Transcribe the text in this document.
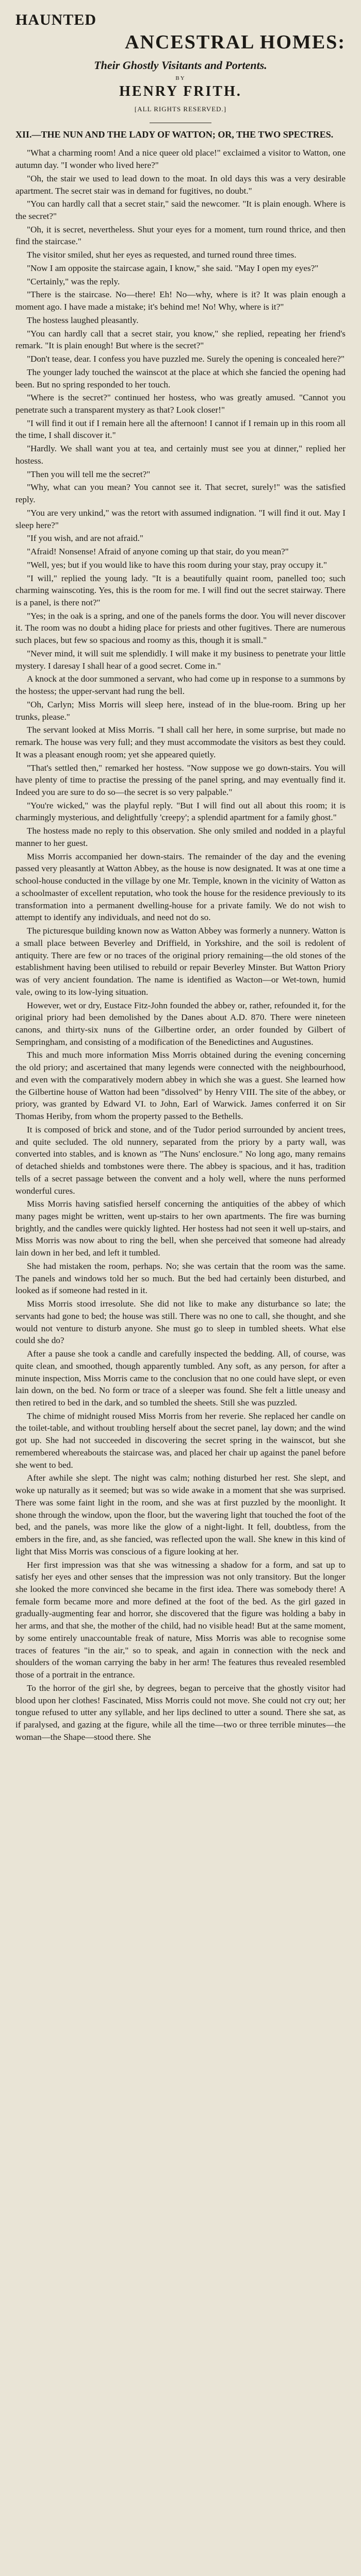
HAUNTED
ANCESTRAL HOMES:
Their Ghostly Visitants and Portents.
BY
HENRY FRITH.
[ALL RIGHTS RESERVED.]
XII.—THE NUN AND THE LADY OF WATTON; OR, THE TWO SPECTRES.

"What a charming room! And a nice queer old place!" exclaimed a visitor to Watton, one autumn day. "I wonder who lived here?"

"Oh, the stair we used to lead down to the moat. In old days this was a very desirable apartment. The secret stair was in demand for fugitives, no doubt."

"You can hardly call that a secret stair," said the newcomer. "It is plain enough. Where is the secret?"

"Oh, it is secret, nevertheless. Shut your eyes for a moment, turn round thrice, and then find the staircase."

The visitor smiled, shut her eyes as requested, and turned round three times.

"Now I am opposite the staircase again, I know," she said. "May I open my eyes?"

"Certainly," was the reply.

"There is the staircase. No—there! Eh! No—why, where is it? It was plain enough a moment ago. I have made a mistake; it's behind me! No! Why, where is it?"

The hostess laughed pleasantly.

"You can hardly call that a secret stair, you know," she replied, repeating her friend's remark. "It is plain enough! But where is the secret?"

"Don't tease, dear. I confess you have puzzled me. Surely the opening is concealed here?"

The younger lady touched the wainscot at the place at which she fancied the opening had been. But no spring responded to her touch.

"Where is the secret?" continued her hostess, who was greatly amused. "Cannot you penetrate such a transparent mystery as that? Look closer!"

"I will find it out if I remain here all the afternoon! I cannot if I remain up in this room all the time, I shall discover it."

"Hardly. We shall want you at tea, and certainly must see you at dinner," replied her hostess.

"Then you will tell me the secret?"

"Why, what can you mean? You cannot see it. That secret, surely!" was the satisfied reply.

"You are very unkind," was the retort with assumed indignation. "I will find it out. May I sleep here?"

"If you wish, and are not afraid."

"Afraid! Nonsense! Afraid of anyone coming up that stair, do you mean?"

"Well, yes; but if you would like to have this room during your stay, pray occupy it."

"I will," replied the young lady. "It is a beautifully quaint room, panelled too; such charming wainscoting. Yes, this is the room for me. I will find out the secret stairway. There is a panel, is there not?"

"Yes; in the oak is a spring, and one of the panels forms the door. You will never discover it. The room was no doubt a hiding place for priests and other fugitives. There are numerous such places, but few so spacious and roomy as this, though it is small."

"Never mind, it will suit me splendidly. I will make it my business to penetrate your little mystery. I daresay I shall hear of a good secret. Come in."

A knock at the door summoned a servant, who had come up in response to a summons by the hostess; the upper-servant had rung the bell.

"Oh, Carlyn; Miss Morris will sleep here, instead of in the blue-room. Bring up her trunks, please."

The servant looked at Miss Morris. "I shall call her here, in some surprise, but made no remark. The house was very full; and they must accommodate the visitors as best they could. It was a pleasant enough room; yet she appeared quietly.

"That's settled then," remarked her hostess. "Now suppose we go down-stairs. You will have plenty of time to practise the pressing of the panel spring, and may eventually find it. Indeed you are sure to do so—the secret is so very palpable."

"You're wicked," was the playful reply. "But I will find out all about this room; it is charmingly mysterious, and delightfully 'creepy'; a splendid apartment for a family ghost."

The hostess made no reply to this observation. She only smiled and nodded in a playful manner to her guest.

Miss Morris accompanied her down-stairs. The remainder of the day and the evening passed very pleasantly at Watton Abbey, as the house is now designated. It was at one time a school-house conducted in the village by one Mr. Temple, known in the vicinity of Watton as a schoolmaster of excellent reputation, who took the house for the residence previously to its transformation into a permanent dwelling-house for a private family. We do not wish to attempt to identify any individuals, and need not do so.

The picturesque building known now as Watton Abbey was formerly a nunnery. Watton is a small place between Beverley and Driffield, in Yorkshire, and the soil is redolent of antiquity. There are few or no traces of the original priory remaining—the old stones of the establishment having been utilised to rebuild or repair Beverley Minster. But Watton Priory was of very ancient foundation. The name is identified as Wacton—or Wet-town, humid vale, owing to its low-lying situation.

However, wet or dry, Eustace Fitz-John founded the abbey or, rather, refounded it, for the original priory had been demolished by the Danes about A.D. 870. There were nineteen canons, and thirty-six nuns of the Gilbertine order, an order founded by Gilbert of Sempringham, and consisting of a modification of the Benedictines and Augustines.

This and much more information Miss Morris obtained during the evening concerning the old priory; and ascertained that many legends were connected with the neighbourhood, and even with the comparatively modern abbey in which she was a guest. She learned how the Gilbertine house of Watton had been "dissolved" by Henry VIII. The site of the abbey, or priory, was granted by Edward VI. to John, Earl of Warwick. James conferred it on Sir Thomas Heriby, from whom the property passed to the Bethells.

It is composed of brick and stone, and of the Tudor period surrounded by ancient trees, and quite secluded. The old nunnery, separated from the priory by a party wall, was converted into stables, and is known as "The Nuns' enclosure." No long ago, many remains of detached shields and tombstones were there. The abbey is spacious, and it has, tradition tells of a secret passage between the convent and a holy well, where the nuns performed wonderful cures.

Miss Morris having satisfied herself concerning the antiquities of the abbey of which many pages might be written, went up-stairs to her own apartments. The fire was burning brightly, and the candles were quickly lighted. Her hostess had not seen it well up-stairs, and Miss Morris was now about to ring the bell, when she perceived that someone had already lain down in her bed, and left it tumbled.

She had mistaken the room, perhaps. No; she was certain that the room was the same. The panels and windows told her so much. But the bed had certainly been disturbed, and looked as if someone had rested in it.

Miss Morris stood irresolute. She did not like to make any disturbance so late; the servants had gone to bed; the house was still. There was no one to call, she thought, and she would not venture to disturb anyone. She must go to sleep in tumbled sheets. What else could she do?

After a pause she took a candle and carefully inspected the bedding. All, of course, was quite clean, and smoothed, though apparently tumbled. Any soft, as any person, for after a minute inspection, Miss Morris came to the conclusion that no one could have slept, or even lain down, on the bed. No form or trace of a sleeper was found. She felt a little uneasy and then retired to bed in the dark, and so tumbled the sheets. Still she was puzzled.

The chime of midnight roused Miss Morris from her reverie. She replaced her candle on the toilet-table, and without troubling herself about the secret panel, lay down; and the wind got up. She had not succeeded in discovering the secret spring in the wainscot, but she remembered whereabouts the staircase was, and placed her chair up against the panel before she went to bed.

After awhile she slept. The night was calm; nothing disturbed her rest. She slept, and woke up naturally as it seemed; but was so wide awake in a moment that she was surprised. There was some faint light in the room, and she was at first puzzled by the moonlight. It shone through the window, upon the floor, but the wavering light that touched the foot of the bed, and the panels, was more like the glow of a night-light. It fell, doubtless, from the embers in the fire, and, as she fancied, was reflected upon the wall. She knew in this kind of light that Miss Morris was conscious of a figure looking at her.

Her first impression was that she was witnessing a shadow for a form, and sat up to satisfy her eyes and other senses that the impression was not only transitory. But the longer she looked the more convinced she became in the first idea. There was somebody there! A female form became more and more defined at the foot of the bed. As the girl gazed in gradually-augmenting fear and horror, she discovered that the figure was holding a baby in her arms, and that she, the mother of the child, had no visible head! But at the same moment, by some entirely unaccountable freak of nature, Miss Morris was able to recognise some traces of features "in the air," so to speak, and again in connection with the neck and shoulders of the woman carrying the baby in her arm! The features thus revealed resembled those of a portrait in the entrance.

To the horror of the girl she, by degrees, began to perceive that the ghostly visitor had blood upon her clothes! Fascinated, Miss Morris could not move. She could not cry out; her tongue refused to utter any syllable, and her lips declined to utter a sound. There she sat, as if paralysed, and gazing at the figure, while all the time—two or three terrible minutes—the woman—the Shape—stood there. She
